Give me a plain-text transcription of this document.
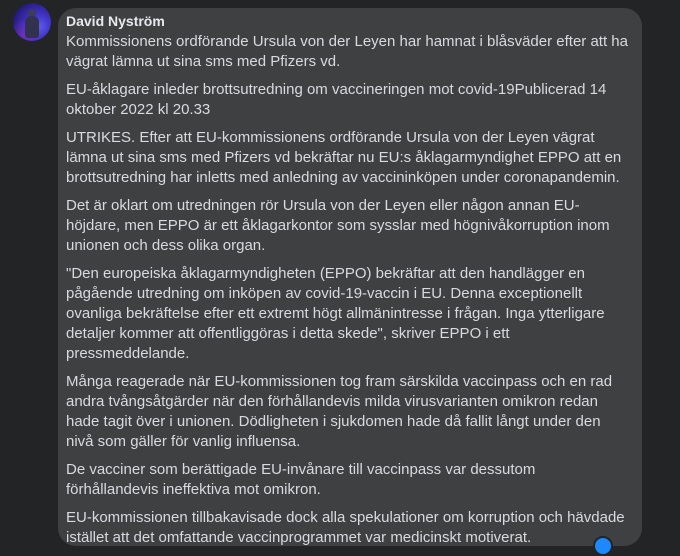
David Nyström

Kommissionens ordförande Ursula von der Leyen har hamnat i blåsväder efter att ha vägrat lämna ut sina sms med Pfizers vd.

EU-åklagare inleder brottsutredning om vaccineringen mot covid-19Publicerad 14 oktober 2022 kl 20.33

UTRIKES. Efter att EU-kommissionens ordförande Ursula von der Leyen vägrat lämna ut sina sms med Pfizers vd bekräftar nu EU:s åklagarmyndighet EPPO att en brottsutredning har inletts med anledning av vaccininköpen under coronapandemin.

Det är oklart om utredningen rör Ursula von der Leyen eller någon annan EU-höjdare, men EPPO är ett åklagarkontor som sysslar med högnivåkorruption inom unionen och dess olika organ.

"Den europeiska åklagarmyndigheten (EPPO) bekräftar att den handlägger en pågående utredning om inköpen av covid-19-vaccin i EU. Denna exceptionellt ovanliga bekräftelse efter ett extremt högt allmänintresse i frågan. Inga ytterligare detaljer kommer att offentliggöras i detta skede", skriver EPPO i ett pressmeddelande.

Många reagerade när EU-kommissionen tog fram särskilda vaccinpass och en rad andra tvångsåtgärder när den förhållandevis milda virusvarianten omikron redan hade tagit över i unionen. Dödligheten i sjukdomen hade då fallit långt under den nivå som gäller för vanlig influensa.

De vacciner som berättigade EU-invånare till vaccinpass var dessutom förhållandevis ineffektiva mot omikron.

EU-kommissionen tillbakavisade dock alla spekulationer om korruption och hävdade istället att det omfattande vaccinprogrammet var medicinskt motiverat.
